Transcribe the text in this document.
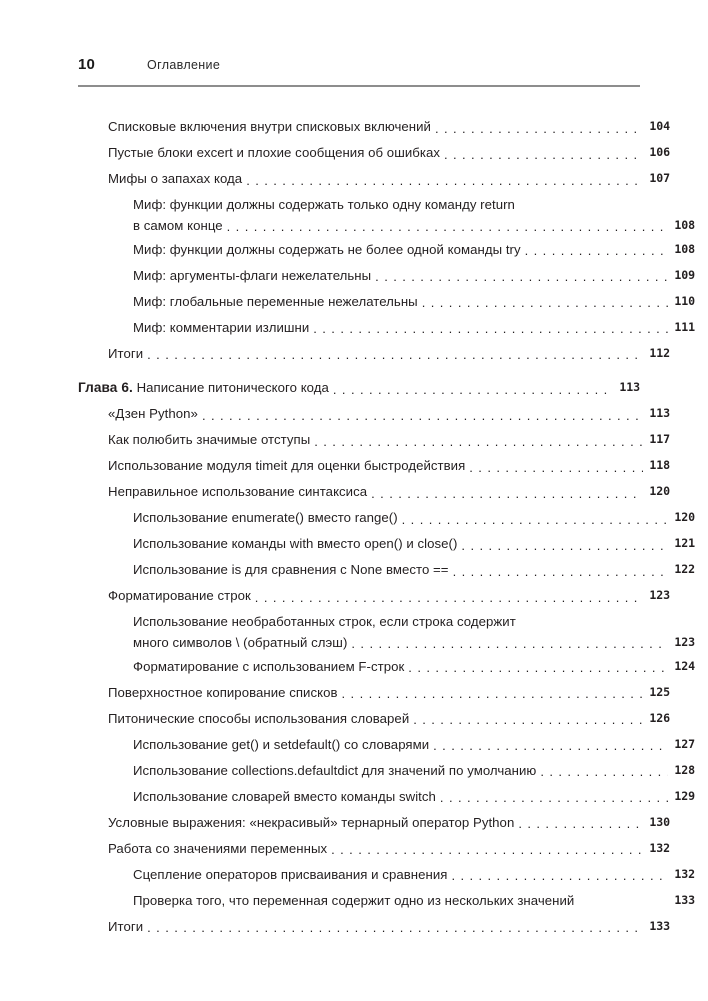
10	Оглавление
Списковые включения внутри списковых включений . . .	104
Пустые блоки excert и плохие сообщения об ошибках . . .	106
Мифы о запахах кода . . .	107
Миф: функции должны содержать только одну команду return
в самом конце . . .	108
Миф: функции должны содержать не более одной команды try . . .	108
Миф: аргументы-флаги нежелательны . . .	109
Миф: глобальные переменные нежелательны . . .	110
Миф: комментарии излишни . . .	111
Итоги . . .	112
Глава 6. Написание питонического кода . . .	113
«Дзен Python» . . .	113
Как полюбить значимые отступы . . .	117
Использование модуля timeit для оценки быстродействия . . .	118
Неправильное использование синтаксиса . . .	120
Использование enumerate() вместо range() . . .	120
Использование команды with вместо open() и close() . . .	121
Использование is для сравнения с None вместо == . . .	122
Форматирование строк . . .	123
Использование необработанных строк, если строка содержит
много символов \ (обратный слэш) . . .	123
Форматирование с использованием F-строк . . .	124
Поверхностное копирование списков . . .	125
Питонические способы использования словарей . . .	126
Использование get() и setdefault() со словарями . . .	127
Использование collections.defaultdict для значений по умолчанию . . .	128
Использование словарей вместо команды switch . . .	129
Условные выражения: «некрасивый» тернарный оператор Python . . .	130
Работа со значениями переменных . . .	132
Сцепление операторов присваивания и сравнения . . .	132
Проверка того, что переменная содержит одно из нескольких значений	133
Итоги . . .	133
